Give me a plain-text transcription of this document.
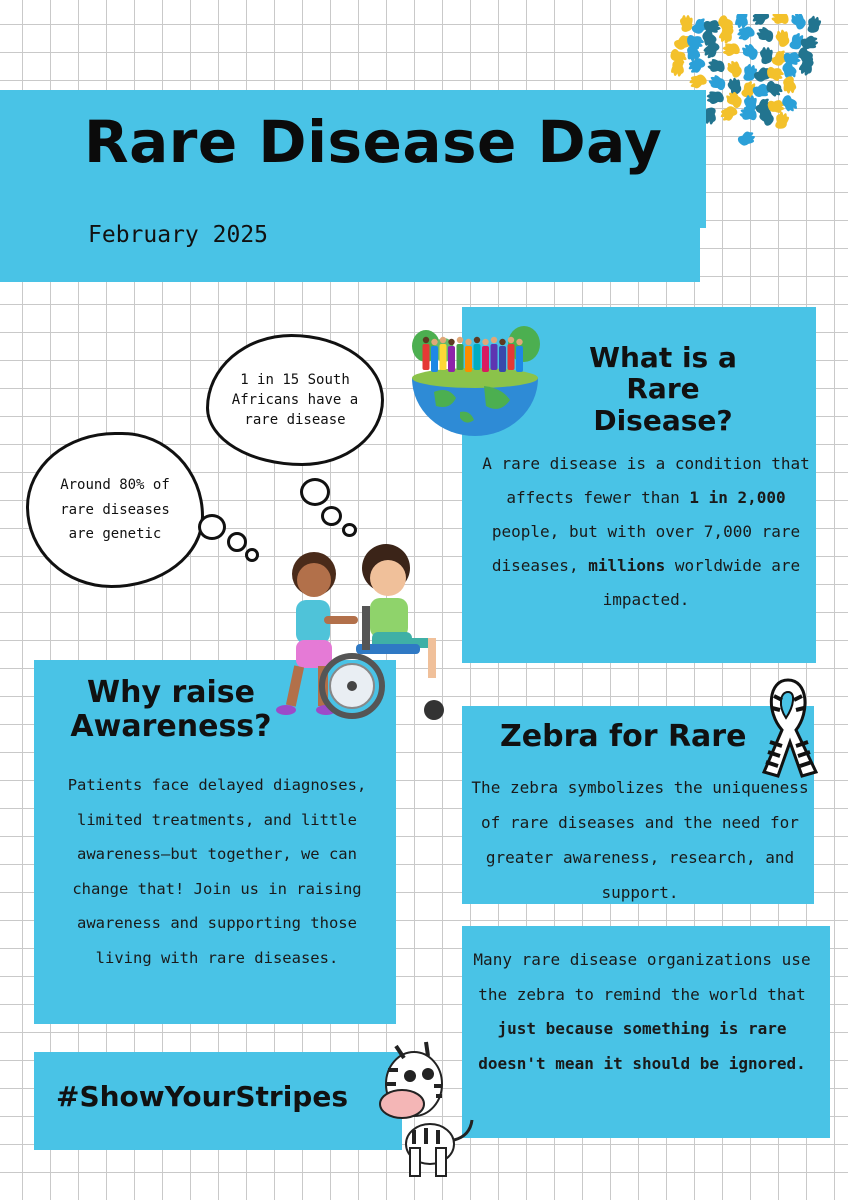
Rare Disease Day
February 2025
What is a Rare Disease?

A rare disease is a condition that affects fewer than 1 in 2,000 people, but with over 7,000 rare diseases, millions worldwide are impacted.

1 in 15 South Africans have a rare disease
Around 80% of rare diseases are genetic
Why raise Awareness?

Patients face delayed diagnoses, limited treatments, and little awareness—but together, we can change that! Join us in raising awareness and supporting those living with rare diseases.

Zebra for Rare

The zebra symbolizes the uniqueness of rare diseases and the need for greater awareness, research, and support.

Many rare disease organizations use the zebra to remind the world that just because something is rare doesn't mean it should be ignored.

#ShowYourStripes
